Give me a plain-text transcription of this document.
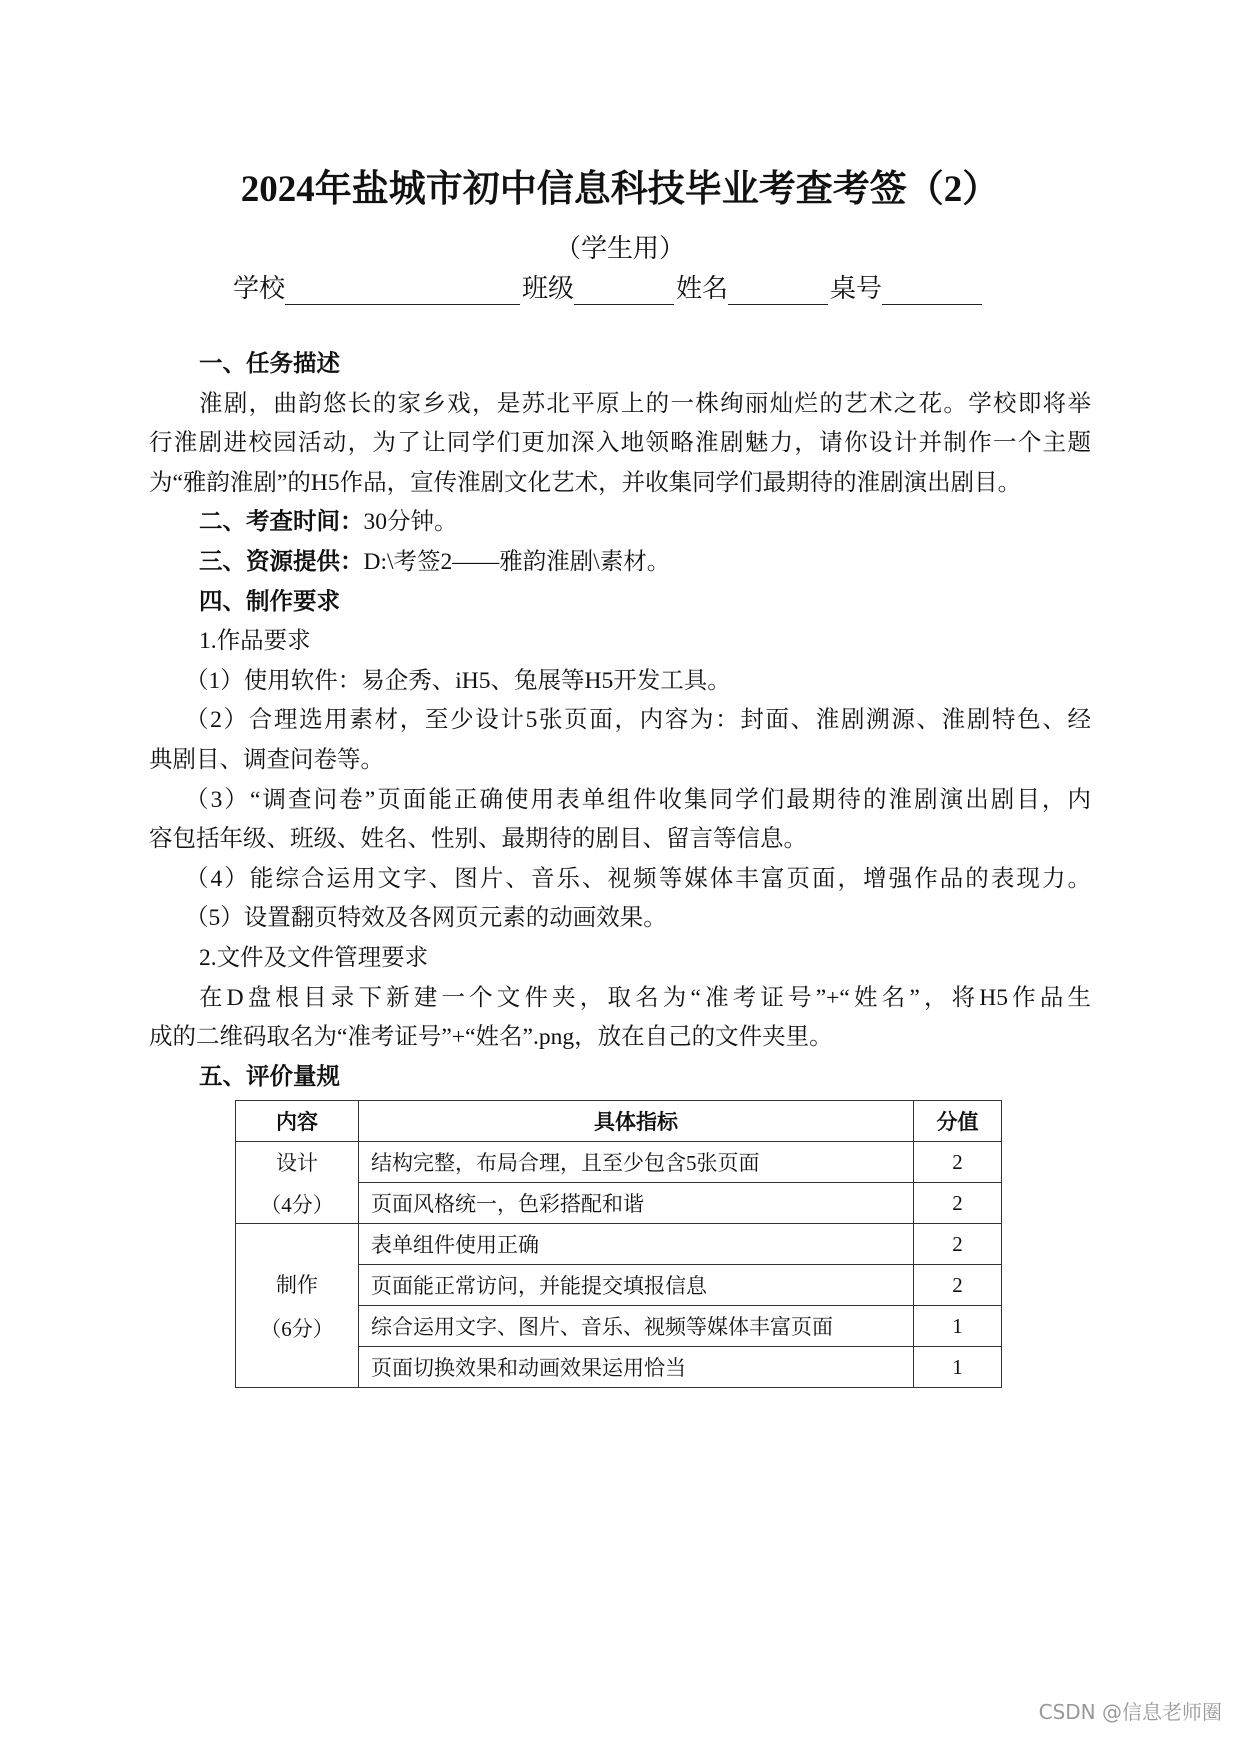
2024年盐城市初中信息科技毕业考查考签（2）
（学生用）
学校	班级	姓名	桌号
一、任务描述
淮剧，曲韵悠长的家乡戏，是苏北平原上的一株绚丽灿烂的艺术之花。学校即将举
行淮剧进校园活动，为了让同学们更加深入地领略淮剧魅力，请你设计并制作一个主题
为“雅韵淮剧”的H5作品，宣传淮剧文化艺术，并收集同学们最期待的淮剧演出剧目。
二、考查时间：30分钟。
三、资源提供：D:\考签2——雅韵淮剧\素材。
四、制作要求
1.作品要求
（1）使用软件：易企秀、iH5、兔展等H5开发工具。
（2）合理选用素材，至少设计5张页面，内容为：封面、淮剧溯源、淮剧特色、经
典剧目、调查问卷等。
（3）“调查问卷”页面能正确使用表单组件收集同学们最期待的淮剧演出剧目，内
容包括年级、班级、姓名、性别、最期待的剧目、留言等信息。
（4）能综合运用文字、图片、音乐、视频等媒体丰富页面，增强作品的表现力。
（5）设置翻页特效及各网页元素的动画效果。
2.文件及文件管理要求
在D盘根目录下新建一个文件夹，取名为“准考证号”+“姓名”，将H5作品生
成的二维码取名为“准考证号”+“姓名”.png，放在自己的文件夹里。
五、评价量规
内容	具体指标	分值

设计
（4分）	结构完整，布局合理，且至少包含5张页面	2
	页面风格统一，色彩搭配和谐	2

制作
（6分）	表单组件使用正确	2
	页面能正常访问，并能提交填报信息	2
	综合运用文字、图片、音乐、视频等媒体丰富页面	1
	页面切换效果和动画效果运用恰当	1
CSDN @信息老师圈
